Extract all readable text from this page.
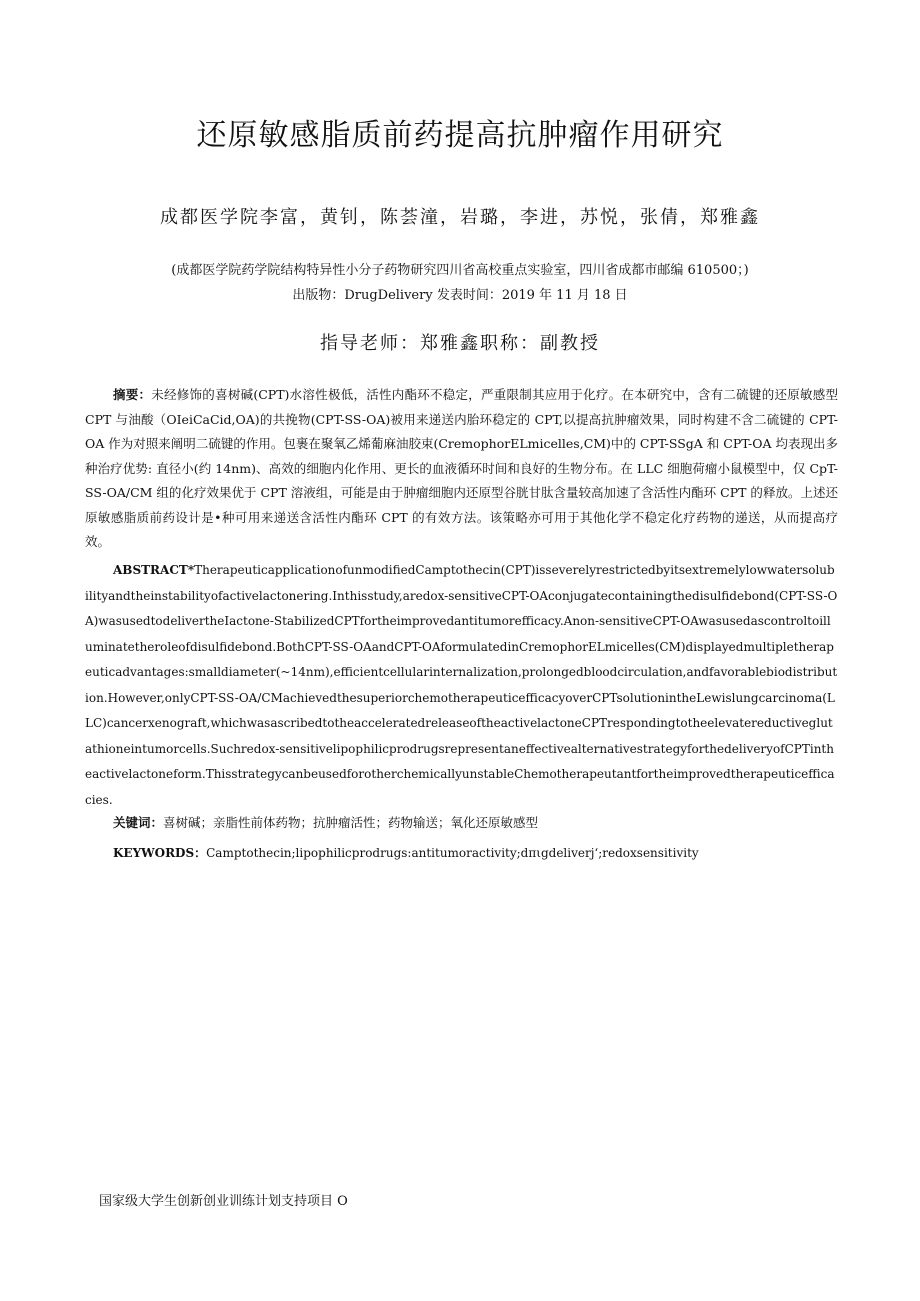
还原敏感脂质前药提高抗肿瘤作用研究
成都医学院李富，黄钊，陈荟潼，岩璐，李进，苏悦，张倩，郑雅鑫
(成都医学院药学院结构特异性小分子药物研究四川省高校重点实验室，四川省成都市邮编 610500；)
出版物：DrugDelivery 发表时间：2019 年 11 月 18 日
指导老师：郑雅鑫职称：副教授

摘要：未经修饰的喜树碱(CPT)水溶性极低，活性内酯环不稳定，严重限制其应用于化疗。在本研究中，含有二硫键的还原敏感型 CPT 与油酸（OIeiCaCid,OA)的共挽物(CPT-SS-OA)被用来递送内胎环稳定的 CPT,以提高抗肿瘤效果，同时构建不含二硫键的 CPT-OA 作为对照来阐明二硫键的作用。包裹在聚氧乙烯葡麻油胶束(CremophorELmicelles,CM)中的 CPT-SSgA 和 CPT-OA 均表现出多种治疗优势: 直径小(约 14nm)、高效的细胞内化作用、更长的血液循环时间和良好的生物分布。在 LLC 细胞荷瘤小鼠模型中，仅 CpT-SS-OA/CM 组的化疗效果优于 CPT 溶液组，可能是由于肿瘤细胞内还原型谷胱甘肽含量较高加速了含活性内酯环 CPT 的释放。上述还原敏感脂质前药设计是•种可用来递送含活性内酯环 CPT 的有效方法。该策略亦可用于其他化学不稳定化疗药物的递送，从而提高疗效。

ABSTRACT*TherapeuticapplicationofunmodifiedCamptothecin(CPT)isseverelyrestrictedbyitsextremelylowwatersolubilityandtheinstabilityofactivelactonering.Inthisstudy,aredox-sensitiveCPT-OAconjugatecontainingthedisulfidebond(CPT-SS-OA)wasusedtodelivertheIactone-StabilizedCPTfortheimprovedantitumorefficacy.Anon-sensitiveCPT-OAwasusedascontroltoilluminatetheroleofdisulfidebond.BothCPT-SS-OAandCPT-OAformulatedinCremophorELmicelles(CM)displayedmultipletherapeuticadvantages:smalldiameter(~14nm),efficientcellularinternalization,prolongedbloodcirculation,andfavorablebiodistribution.However,onlyCPT-SS-OA/CMachievedthesuperiorchemotherapeuticefficacyoverCPTsolutionintheLewislungcarcinoma(LLC)cancerxenograft,whichwasascribedtotheacceleratedreleaseoftheactivelactoneCPTrespondingtotheelevatereductiveglutathioneintumorcells.Suchredox-sensitivelipophilicprodrugsrepresentaneffectivealternativestrategyforthedeliveryofCPTintheactivelactoneform.ThisstrategycanbeusedforotherchemicallyunstableChemotherapeutantfortheimprovedtherapeuticefficacies.

关键词：喜树碱；亲脂性前体药物；抗肿瘤活性；药物输送；氧化还原敏感型

KEYWORDS：Camptothecin;lipophilicprodrugs:antitumoractivity;dπιgdeliverjʻ;redoxsensitivity

国家级大学生创新创业训练计划支持项目 O
